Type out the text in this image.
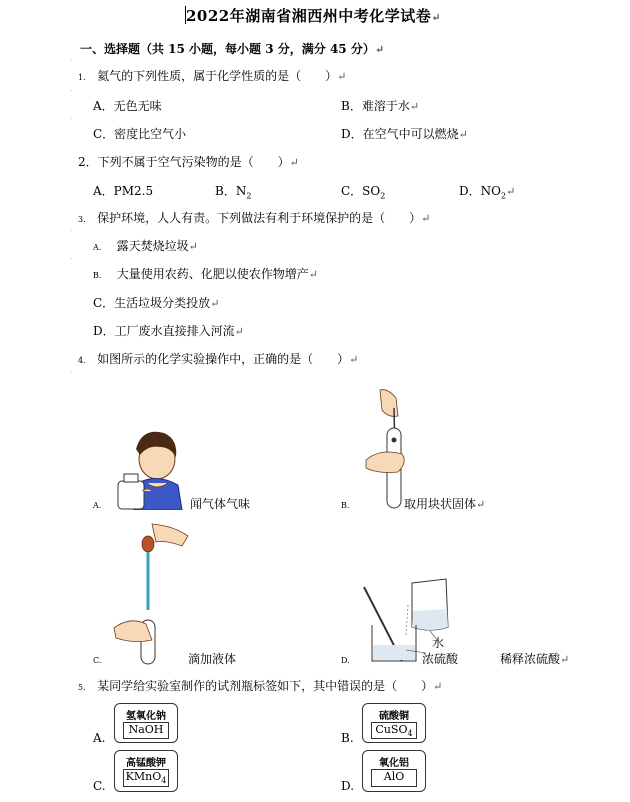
2022年湖南省湘西州中考化学试卷↵
一、选择题（共 15 小题，每小题 3 分，满分 45 分）↵
˙
1. 氦气的下列性质，属于化学性质的是（　　）↵
˙
A．无色无味	B．难溶于水↵
˙
C．密度比空气小	D．在空气中可以燃烧↵
2．下列不属于空气污染物的是（　　）↵
A．PM2.5	B．$N_2$	C．$SO_2$	D．$NO_2↵$
3. 保护环境，人人有责。下列做法有利于环境保护的是（　　）↵
˙
A. 露天焚烧垃圾↵
˙
B. 大量使用农药、化肥以使农作物增产↵
C．生活垃圾分类投放↵
D．工厂废水直接排入河流↵
4. 如图所示的化学实验操作中，正确的是（　　）↵
˙
A.	闻气体气味	B.	取用块状固体↵
C.	滴加液体
水
D.	浓硫酸	稀释浓硫酸↵
5. 某同学给实验室制作的试剂瓶标签如下，其中错误的是（　　）↵
A.
氢氧化钠
NaOH
B.
硫酸铜
CuSO$_4$
C.
高锰酸钾
KMnO$_4$	D.
氧化铝
AlO
